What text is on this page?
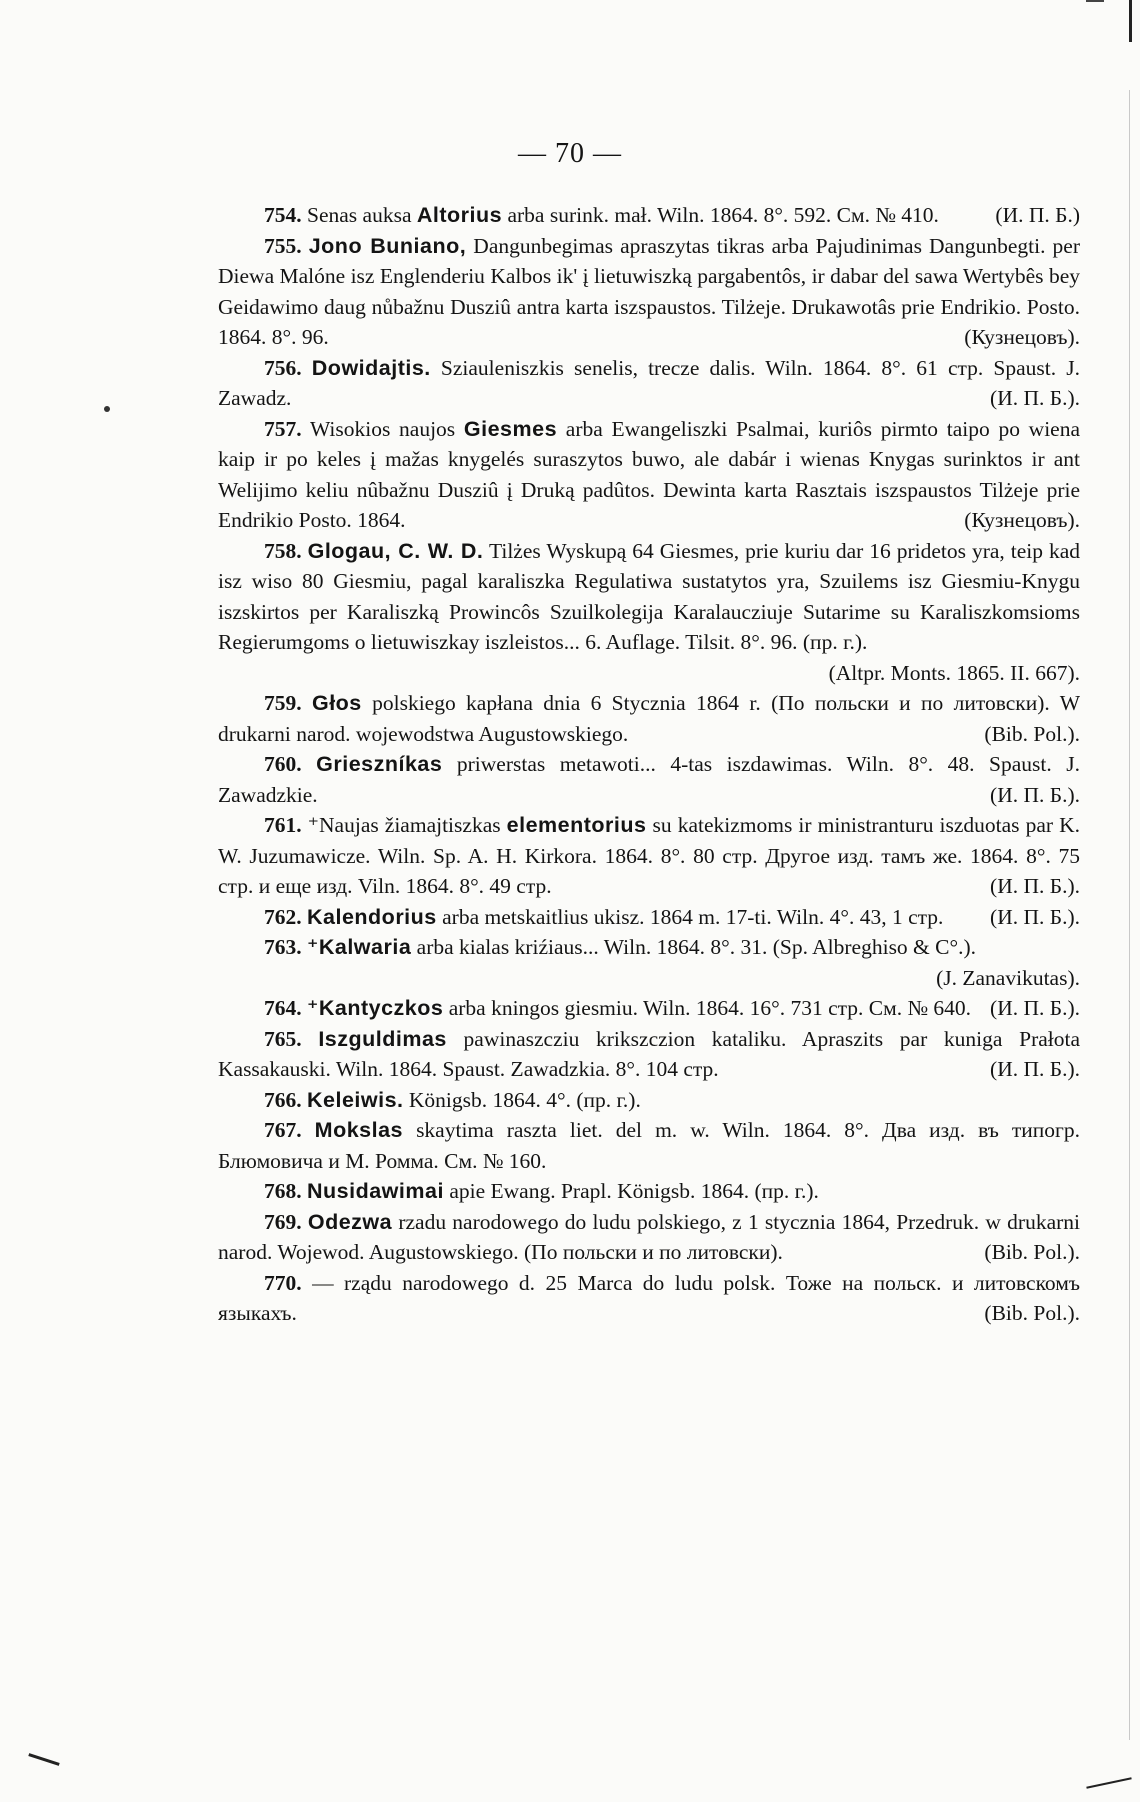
— 70 —

(И. П. Б.)
754. Senas auksa Altorius arba surink. mał. Wiln. 1864. 8°. 592. См. № 410.

755. Jono Buniano, Dangunbegimas apraszytas tikras arba Pajudinimas Dangunbegti. per Diewa Malóne isz Englenderiu Kalbos ik' į lietuwiszką pargabentôs, ir dabar del sawa Wertybês bey Geidawimo daug nůbažnu Dusziû antra karta iszspaustos. Tilżeje. Drukawotâs prie Endrikio. Posto. 1864. 8°. 96.	(Кузнецовъ).

756. Dowidajtis. Sziauleniszkis senelis, trecze dalis. Wiln. 1864. 8°. 61 стр. Spaust. J. Zawadz.	(И. П. Б.).

757. Wisokios naujos Giesmes arba Ewangeliszki Psalmai, kuriôs pirmto taipo po wiena kaip ir po keles į mažas knygelés suraszytos buwo, ale dabár i wienas Knygas surinktos ir ant Welijimo keliu nûbažnu Dusziû į Druką padûtos. Dewinta karta Rasztais iszspaustos Tilżeje prie Endrikio Posto. 1864.	(Кузнецовъ).

758. Glogau, C. W. D. Tilżes Wyskupą 64 Giesmes, prie kuriu dar 16 pridetos yra, teip kad isz wiso 80 Giesmiu, pagal karaliszka Regulatiwa sustatytos yra, Szuilems isz Giesmiu-Knygu iszskirtos per Karaliszką Prowincôs Szuilkolegija Karalaucziuje Sutarime su Karaliszkomsioms Regierumgoms o lietuwiszkay iszleistos... 6. Auflage. Tilsit. 8°. 96. (пр. г.).
(Altpr. Monts. 1865. II. 667).

759. Głos polskiego kapłana dnia 6 Stycznia 1864 r. (По польски и по литовски). W drukarni narod. wojewodstwa Augustowskiego.	(Bib. Pol.).

760. Grieszníkas priwerstas metawoti... 4-tas iszdawimas. Wiln. 8°. 48. Spaust. J. Zawadzkie.	(И. П. Б.).

761. ⁺Naujas žiamajtiszkas elementorius su katekizmoms ir ministranturu iszduotas par K. W. Juzumawicze. Wiln. Sp. A. H. Kirkora. 1864. 8°. 80 стр. Другое изд. тамъ же. 1864. 8°. 75 стр. и еще изд. Viln. 1864. 8°. 49 стр.	(И. П. Б.).

762. Kalendorius arba metskaitlius ukisz. 1864 m. 17-ti. Wiln. 4°. 43, 1 стр.	(И. П. Б.).

763. ⁺Kalwaria arba kialas kriźiaus... Wiln. 1864. 8°. 31. (Sp. Albreghiso & C°.).
(J. Zanavikutas).

764. ⁺Kantyczkos arba kningos giesmiu. Wiln. 1864. 16°. 731 стр. См. № 640. (И. П. Б.).

765. Iszguldimas pawinaszcziu krikszczion kataliku. Apraszits par kuniga Prałota Kassakauski. Wiln. 1864. Spaust. Zawadzkia. 8°. 104 стр.	(И. П. Б.).

766. Keleiwis. Königsb. 1864. 4°. (пр. г.).

767. Mokslas skaytima raszta liet. del m. w. Wiln. 1864. 8°. Два изд. въ типогр. Блюмовича и М. Ромма. См. № 160.

768. Nusidawimai apie Ewang. Prapl. Königsb. 1864. (пр. г.).

769. Odezwa rzadu narodowego do ludu polskiego, z 1 stycznia 1864, Przedruk. w drukarni narod. Wojewod. Augustowskiego. (По польски и по литовски).	(Bib. Pol.).

770. — rządu narodowego d. 25 Marca do ludu polsk. Тоже на польск. и литовскомъ языкахъ.	(Bib. Pol.).
